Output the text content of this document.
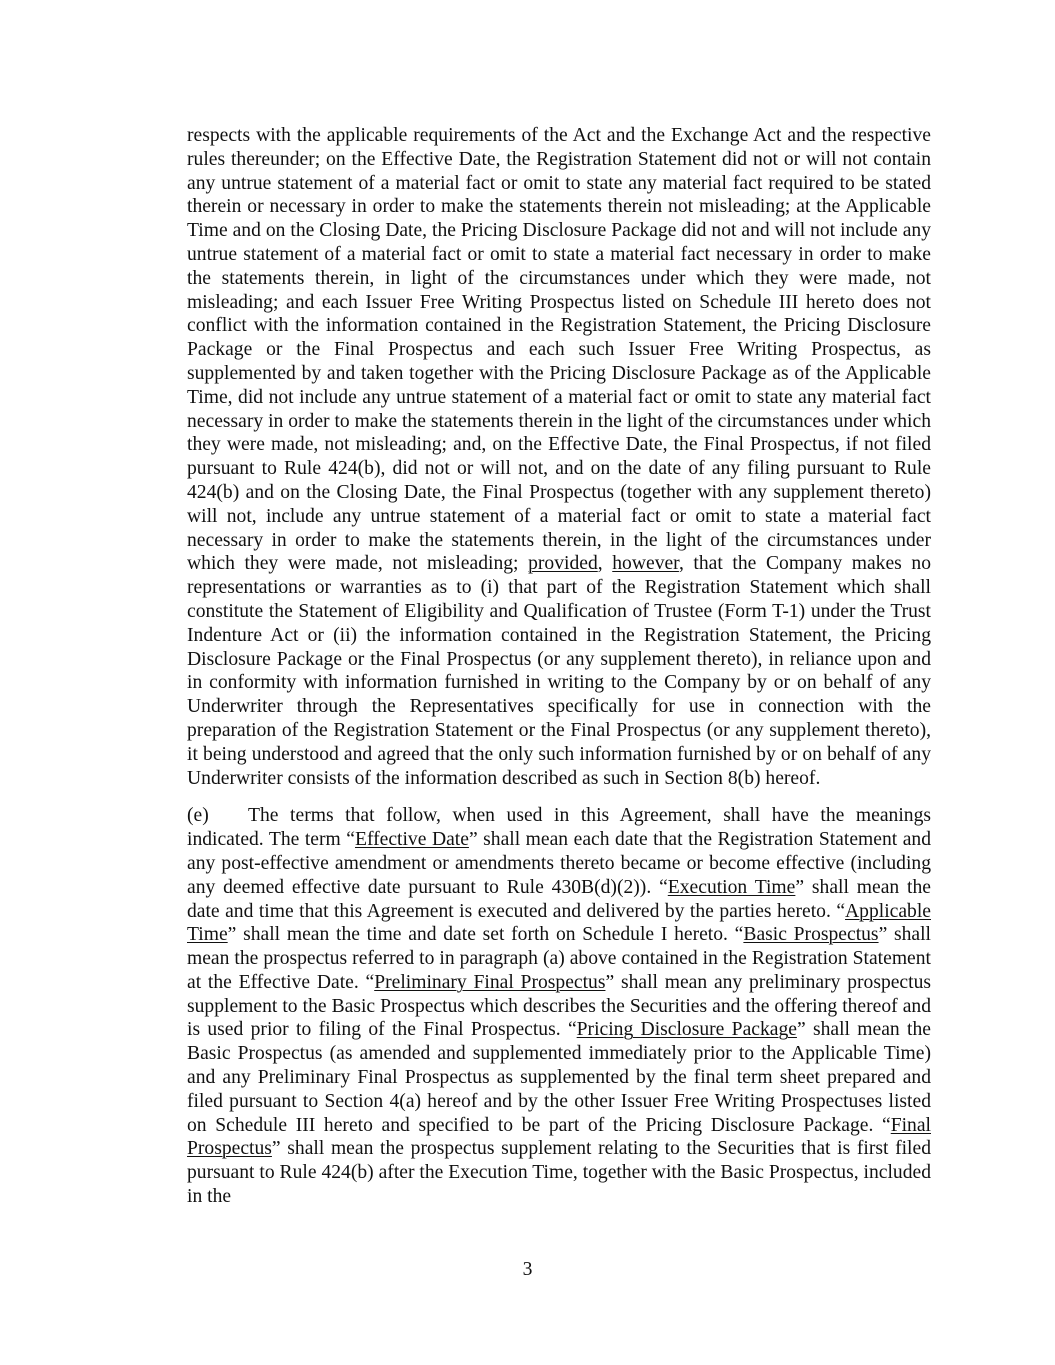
respects with the applicable requirements of the Act and the Exchange Act and the respective rules thereunder; on the Effective Date, the Registration Statement did not or will not contain any untrue statement of a material fact or omit to state any material fact required to be stated therein or necessary in order to make the statements therein not misleading; at the Applicable Time and on the Closing Date, the Pricing Disclosure Package did not and will not include any untrue statement of a material fact or omit to state a material fact necessary in order to make the statements therein, in light of the circumstances under which they were made, not misleading; and each Issuer Free Writing Prospectus listed on Schedule III hereto does not conflict with the information contained in the Registration Statement, the Pricing Disclosure Package or the Final Prospectus and each such Issuer Free Writing Prospectus, as supplemented by and taken together with the Pricing Disclosure Package as of the Applicable Time, did not include any untrue statement of a material fact or omit to state any material fact necessary in order to make the statements therein in the light of the circumstances under which they were made, not misleading; and, on the Effective Date, the Final Prospectus, if not filed pursuant to Rule 424(b), did not or will not, and on the date of any filing pursuant to Rule 424(b) and on the Closing Date, the Final Prospectus (together with any supplement thereto) will not, include any untrue statement of a material fact or omit to state a material fact necessary in order to make the statements therein, in the light of the circumstances under which they were made, not misleading; provided, however, that the Company makes no representations or warranties as to (i) that part of the Registration Statement which shall constitute the Statement of Eligibility and Qualification of Trustee (Form T-1) under the Trust Indenture Act or (ii) the information contained in the Registration Statement, the Pricing Disclosure Package or the Final Prospectus (or any supplement thereto), in reliance upon and in conformity with information furnished in writing to the Company by or on behalf of any Underwriter through the Representatives specifically for use in connection with the preparation of the Registration Statement or the Final Prospectus (or any supplement thereto), it being understood and agreed that the only such information furnished by or on behalf of any Underwriter consists of the information described as such in Section 8(b) hereof.

(e) The terms that follow, when used in this Agreement, shall have the meanings indicated. The term “Effective Date” shall mean each date that the Registration Statement and any post-effective amendment or amendments thereto became or become effective (including any deemed effective date pursuant to Rule 430B(d)(2)). “Execution Time” shall mean the date and time that this Agreement is executed and delivered by the parties hereto. “Applicable Time” shall mean the time and date set forth on Schedule I hereto. “Basic Prospectus” shall mean the prospectus referred to in paragraph (a) above contained in the Registration Statement at the Effective Date. “Preliminary Final Prospectus” shall mean any preliminary prospectus supplement to the Basic Prospectus which describes the Securities and the offering thereof and is used prior to filing of the Final Prospectus. “Pricing Disclosure Package” shall mean the Basic Prospectus (as amended and supplemented immediately prior to the Applicable Time) and any Preliminary Final Prospectus as supplemented by the final term sheet prepared and filed pursuant to Section 4(a) hereof and by the other Issuer Free Writing Prospectuses listed on Schedule III hereto and specified to be part of the Pricing Disclosure Package. “Final Prospectus” shall mean the prospectus supplement relating to the Securities that is first filed pursuant to Rule 424(b) after the Execution Time, together with the Basic Prospectus, included in the

3
